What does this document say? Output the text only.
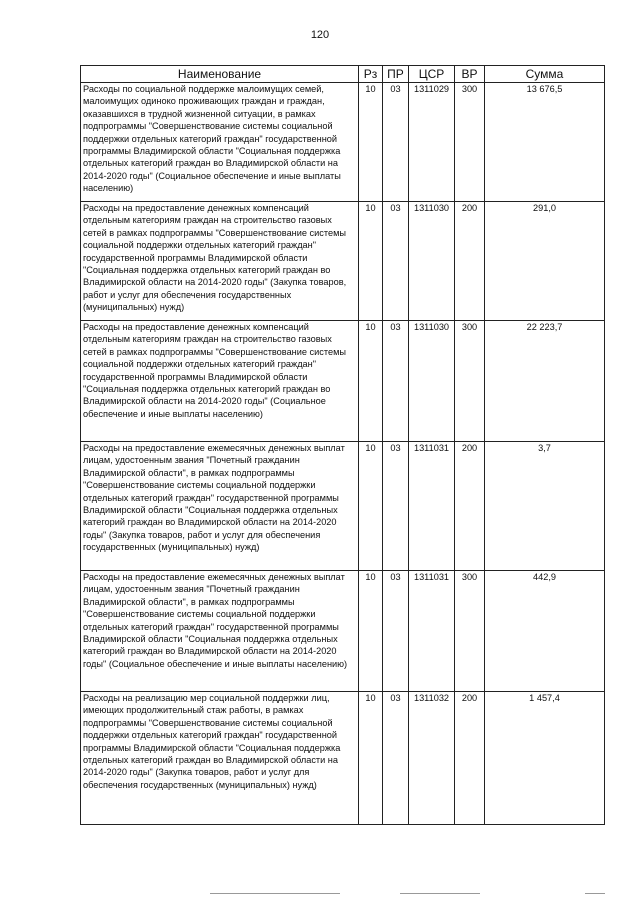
120
Наименование	Рз	ПР	ЦСР	ВР	Сумма
Расходы по социальной поддержке малоимущих семей, малоимущих одиноко проживающих граждан и граждан, оказавшихся в трудной жизненной ситуации, в рамках подпрограммы "Совершенствование системы социальной поддержки отдельных категорий граждан" государственной программы Владимирской области "Социальная поддержка отдельных категорий граждан во Владимирской области на 2014-2020 годы" (Социальное обеспечение и иные выплаты населению)	10	03	1311029	300	13 676,5
Расходы на предоставление денежных компенсаций отдельным категориям граждан на строительство газовых сетей в рамках подпрограммы "Совершенствование системы социальной поддержки отдельных категорий граждан" государственной программы Владимирской области "Социальная поддержка отдельных категорий граждан во Владимирской области на 2014-2020 годы" (Закупка товаров, работ и услуг для обеспечения государственных (муниципальных) нужд)	10	03	1311030	200	291,0
Расходы на предоставление денежных компенсаций отдельным категориям граждан на строительство газовых сетей в рамках подпрограммы "Совершенствование системы социальной поддержки отдельных категорий граждан" государственной программы Владимирской области "Социальная поддержка отдельных категорий граждан во Владимирской области на 2014-2020 годы" (Социальное обеспечение и иные выплаты населению)	10	03	1311030	300	22 223,7
Расходы на предоставление ежемесячных денежных выплат лицам, удостоенным звания "Почетный гражданин Владимирской области", в рамках подпрограммы "Совершенствование системы социальной поддержки отдельных категорий граждан" государственной программы Владимирской области "Социальная поддержка отдельных категорий граждан во Владимирской области на 2014-2020 годы" (Закупка товаров, работ и услуг для обеспечения государственных (муниципальных) нужд)	10	03	1311031	200	3,7
Расходы на предоставление ежемесячных денежных выплат лицам, удостоенным звания "Почетный гражданин Владимирской области", в рамках подпрограммы "Совершенствование системы социальной поддержки отдельных категорий граждан" государственной программы Владимирской области "Социальная поддержка отдельных категорий граждан во Владимирской области на 2014-2020 годы" (Социальное обеспечение и иные выплаты населению)	10	03	1311031	300	442,9
Расходы на реализацию мер социальной поддержки лиц, имеющих продолжительный стаж работы, в рамках подпрограммы "Совершенствование системы социальной поддержки отдельных категорий граждан" государственной программы Владимирской области "Социальная поддержка отдельных категорий граждан во Владимирской области на 2014-2020 годы" (Закупка товаров, работ и услуг для обеспечения государственных (муниципальных) нужд)	10	03	1311032	200	1 457,4
